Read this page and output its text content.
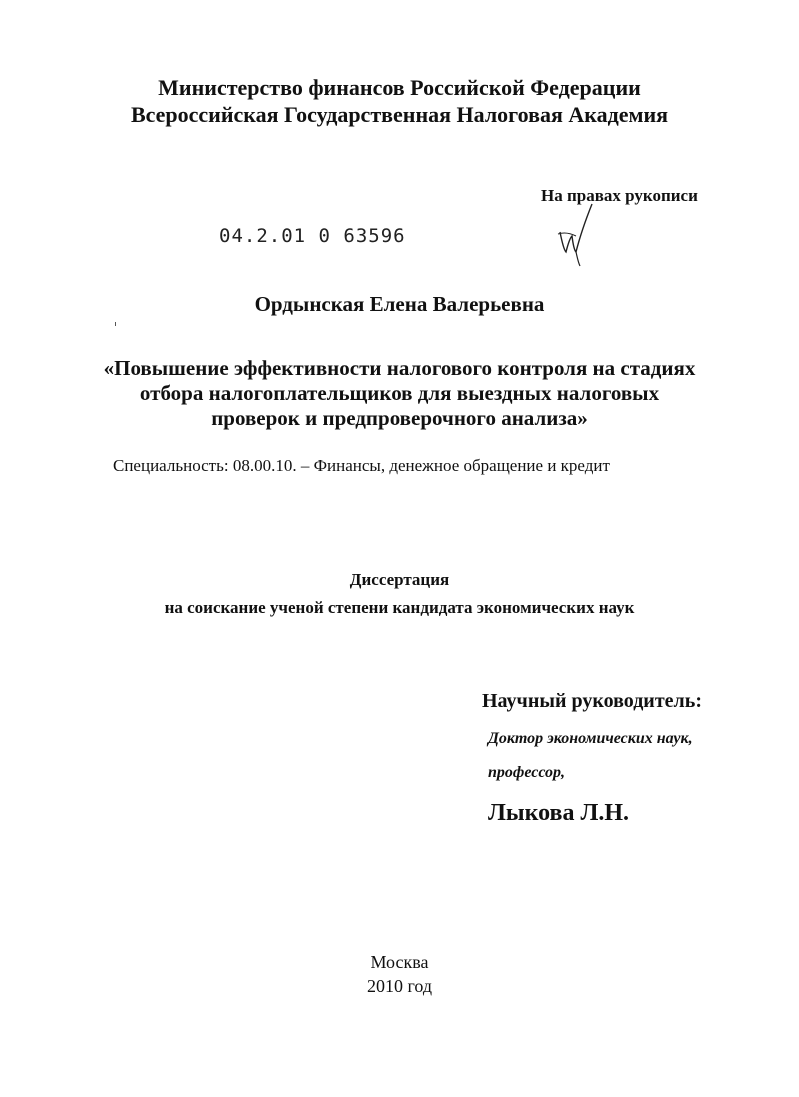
Министерство финансов Российской Федерации
Всероссийская Государственная Налоговая Академия
На правах рукописи
04.2.01 0 63596
Ордынская Елена Валерьевна
«Повышение эффективности налогового контроля на стадиях
отбора налогоплательщиков для выездных налоговых
проверок и предпроверочного анализа»
Специальность: 08.00.10. – Финансы, денежное обращение и кредит
Диссертация
на соискание ученой степени кандидата экономических наук
Научный руководитель:
Доктор экономических наук,
профессор,
Лыкова Л.Н.
Москва
2010 год
